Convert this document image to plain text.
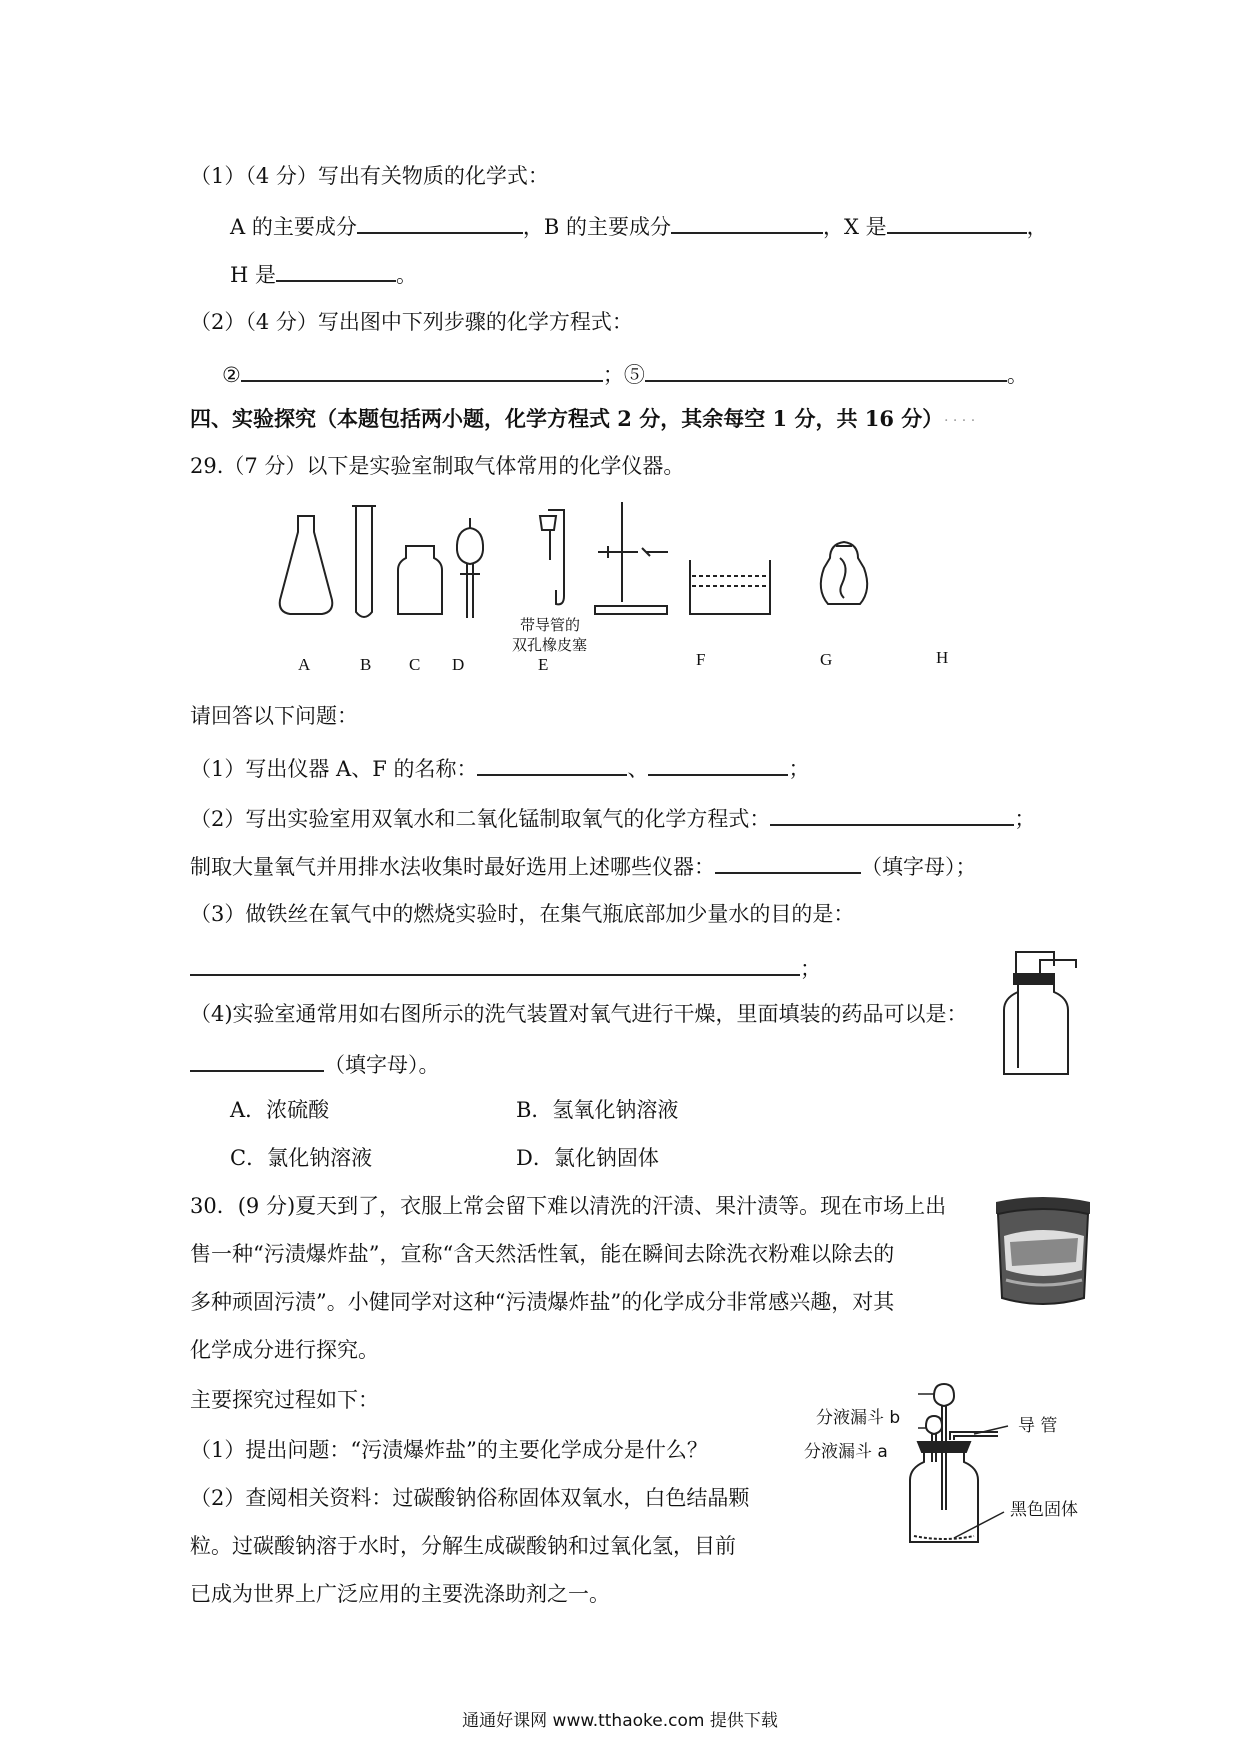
（1）（4 分）写出有关物质的化学式：
A 的主要成分	，B 的主要成分	，X 是	，
H 是	。
（2）（4 分）写出图中下列步骤的化学方程式：
②	；⑤	。
四、实验探究（本题包括两小题，化学方程式 2 分，其余每空 1 分，共 16 分） . . . .
29.（7 分）以下是实验室制取气体常用的化学仪器。
A	B C D
带导管的
双孔橡皮塞
E	F	G	H
请回答以下问题：
（1）写出仪器 A、F 的名称：	、	；
（2）写出实验室用双氧水和二氧化锰制取氧气的化学方程式：	；
制取大量氧气并用排水法收集时最好选用上述哪些仪器：	（填字母）；
（3）做铁丝在氧气中的燃烧实验时，在集气瓶底部加少量水的目的是：
；
（4)实验室通常用如右图所示的洗气装置对氧气进行干燥，里面填装的药品可以是：
（填字母）。
A．浓硫酸	B．氢氧化钠溶液
C．氯化钠溶液	D．氯化钠固体
30．(9 分)夏天到了，衣服上常会留下难以清洗的汗渍、果汁渍等。现在市场上出
售一种“污渍爆炸盐”，宣称“含天然活性氧，能在瞬间去除洗衣粉难以除去的
多种顽固污渍”。小健同学对这种“污渍爆炸盐”的化学成分非常感兴趣，对其
化学成分进行探究。
主要探究过程如下：
（1）提出问题：“污渍爆炸盐”的主要化学成分是什么？
（2）查阅相关资料：过碳酸钠俗称固体双氧水，白色结晶颗
粒。过碳酸钠溶于水时，分解生成碳酸钠和过氧化氢，目前
已成为世界上广泛应用的主要洗涤助剂之一。
分液漏斗 b
分液漏斗 a
导 管
黑色固体
通通好课网 www.tthaoke.com 提供下载
